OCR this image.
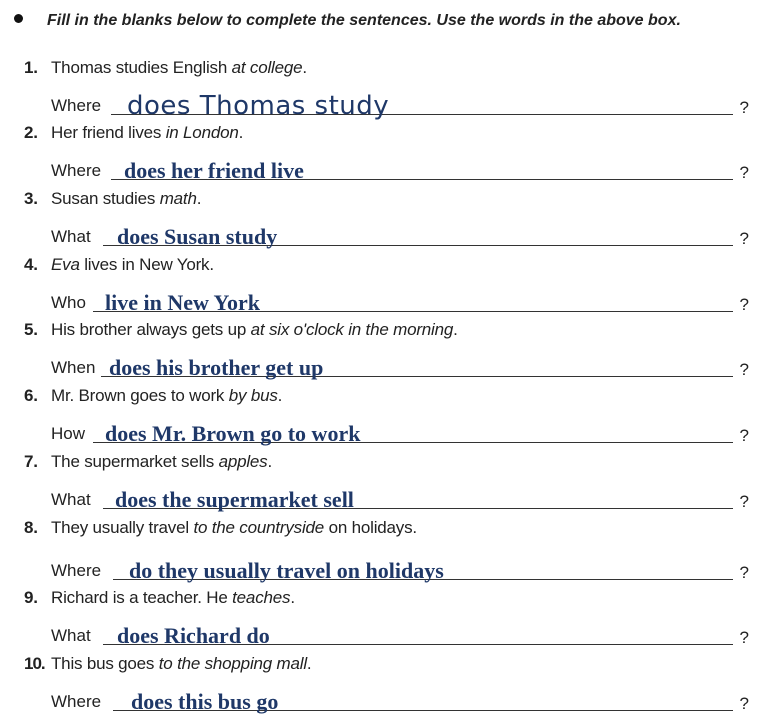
Fill in the blanks below to complete the sentences. Use the words in the above box.
1. Thomas studies English at college.
Where does Thomas study	?
2. Her friend lives in London.
Where does her friend live	?
3. Susan studies math.
What does Susan study	?
4. Eva lives in New York.
Who live in New York	?
5. His brother always gets up at six o'clock in the morning.
When does his brother get up	?
6. Mr. Brown goes to work by bus.
How does Mr. Brown go to work	?
7. The supermarket sells apples.
What does the supermarket sell	?
8. They usually travel to the countryside on holidays.
Where do they usually travel on holidays	?
9. Richard is a teacher. He teaches.
What does Richard do	?
10. This bus goes to the shopping mall.
Where does this bus go	?
